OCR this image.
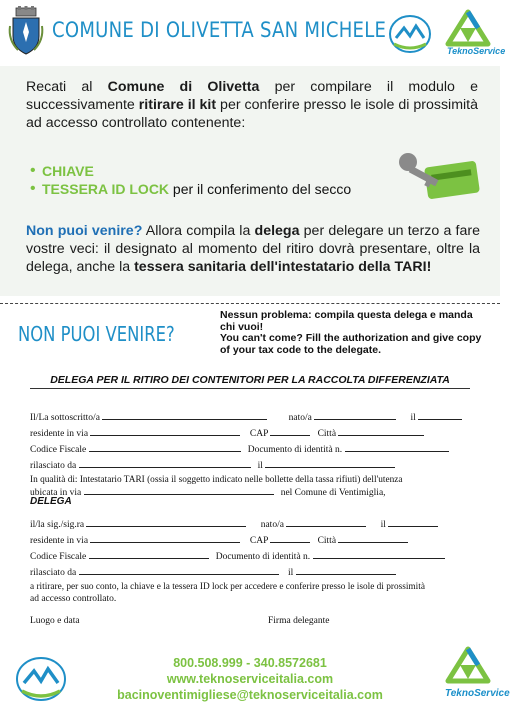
COMUNE DI OLIVETTA SAN MICHELE
TeknoService
Recati al Comune di Olivetta per compilare il modulo e successivamente ritirare il kit per conferire presso le isole di prossimità ad accesso controllato contenente:
• CHIAVE
• TESSERA ID LOCK per il conferimento del secco
Non puoi venire? Allora compila la delega per delegare un terzo a fare vostre veci: il designato al momento del ritiro dovrà presentare, oltre la delega, anche la tessera sanitaria dell'intestatario della TARI!
NON PUOI VENIRE?
Nessun problema: compila questa delega e manda chi vuoi!
You can't come? Fill the authorization and give copy of your tax code to the delegate.
DELEGA PER IL RITIRO DEI CONTENITORI PER LA RACCOLTA DIFFERENZIATA
Il/La sottoscritto/a	nato/a	il
residente in via	CAP	Città
Codice Fiscale	Documento di identità n.
rilasciato da	il
In qualità di: Intestatario TARI (ossia il soggetto indicato nelle bollette della tassa rifiuti) dell'utenza
ubicata in via	nel Comune di Ventimiglia,
DELEGA
il/la sig./sig.ra	nato/a	il
residente in via	CAP	Città
Codice Fiscale	Documento di identità n.
rilasciato da	il
a ritirare, per suo conto, la chiave e la tessera ID lock per accedere e conferire presso le isole di prossimità
ad accesso controllato.
Luogo e data	Firma delegante
800.508.999 - 340.8572681
www.teknoserviceitalia.com
bacinoventimigliese@teknoserviceitalia.com	TeknoService
